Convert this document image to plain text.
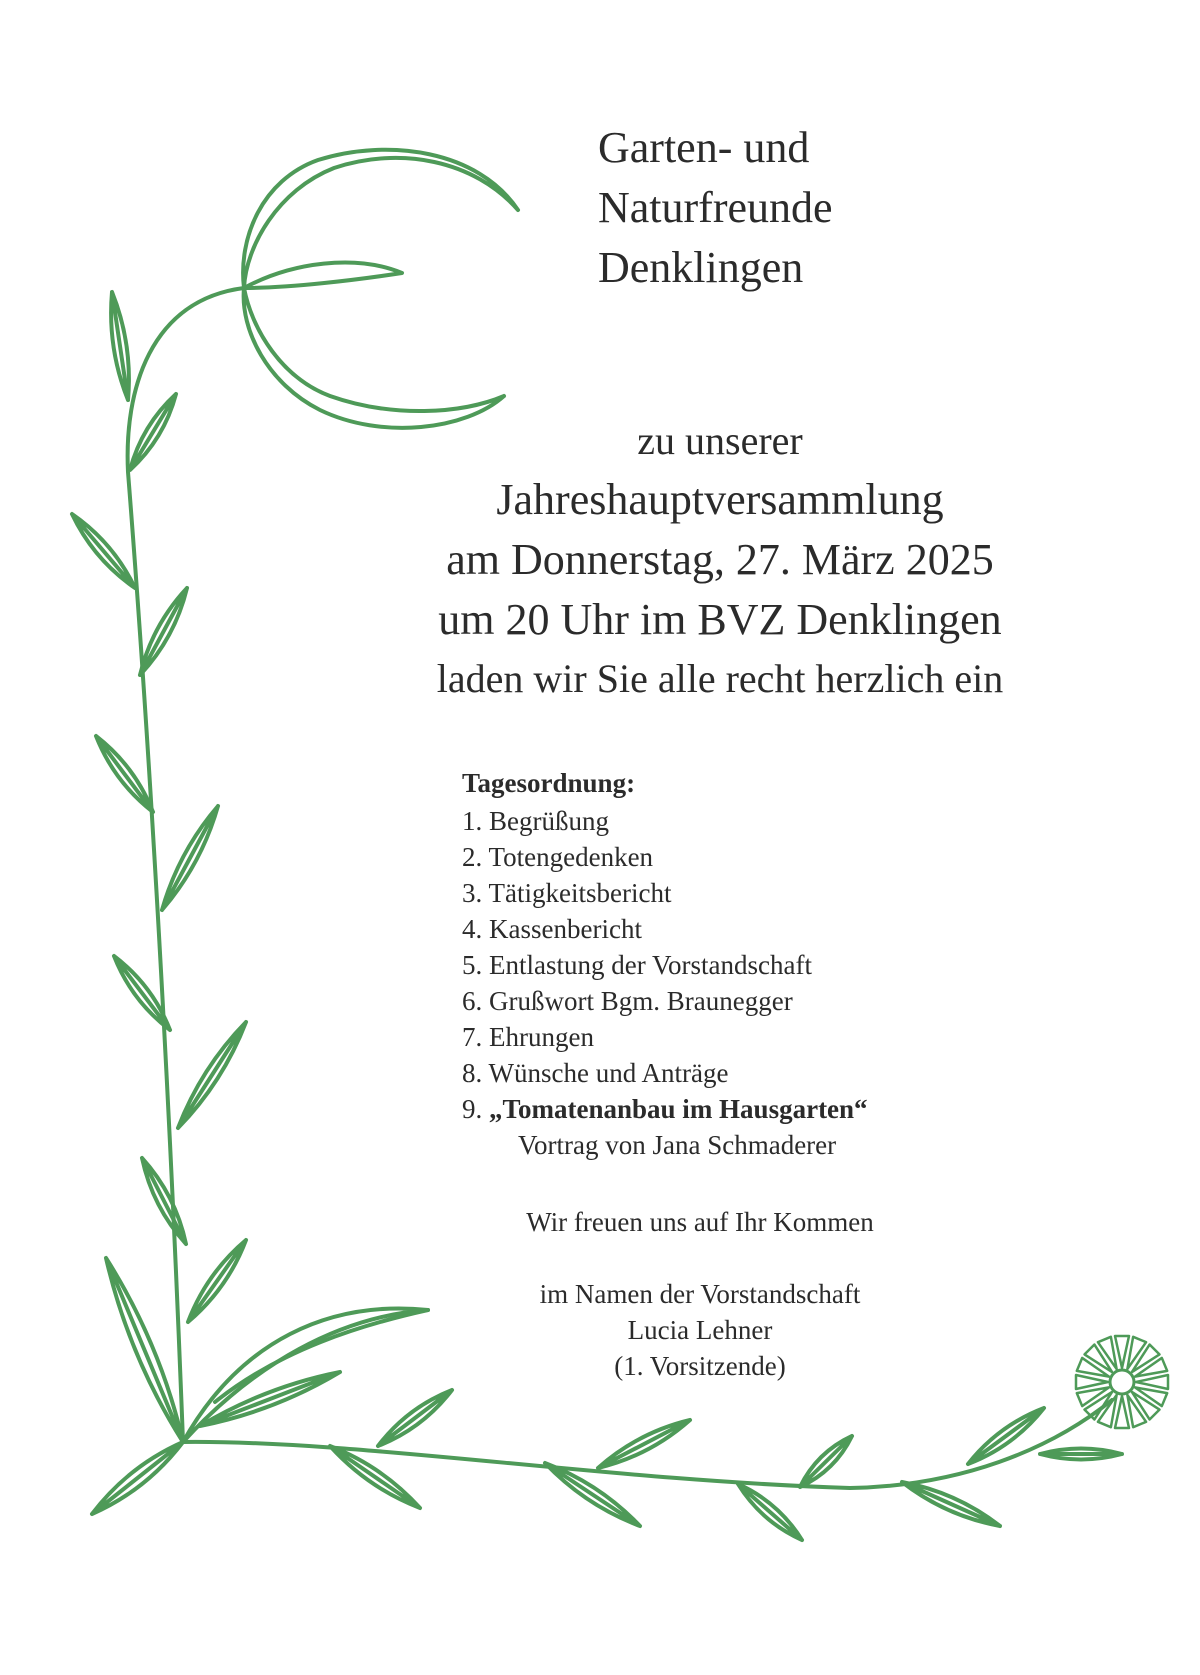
Garten- und
Naturfreunde
Denklingen
zu unserer
Jahreshauptversammlung
am Donnerstag, 27. März 2025
um 20 Uhr im BVZ Denklingen
laden wir Sie alle recht herzlich ein
Tagesordnung:
1. Begrüßung
2. Totengedenken
3. Tätigkeitsbericht
4. Kassenbericht
5. Entlastung der Vorstandschaft
6. Grußwort Bgm. Braunegger
7. Ehrungen
8. Wünsche und Anträge
9. „Tomatenanbau im Hausgarten“
Vortrag von Jana Schmaderer
Wir freuen uns auf Ihr Kommen
im Namen der Vorstandschaft
Lucia Lehner
(1. Vorsitzende)
